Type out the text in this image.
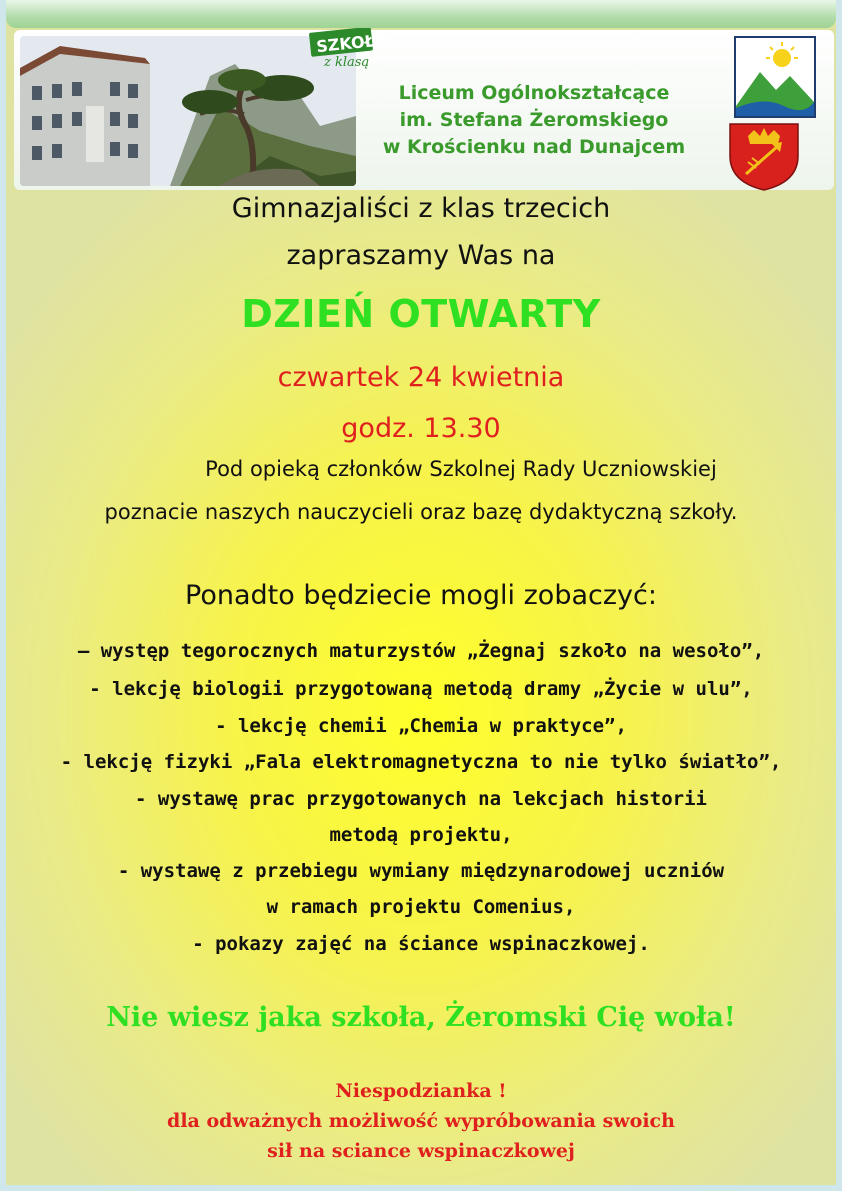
SZKOŁA
z klasą
Liceum Ogólnokształcące
im. Stefana Żeromskiego
w Krościenku nad Dunajcem
Gimnazjaliści z klas trzecich
zapraszamy Was na
DZIEŃ OTWARTY
czwartek 24 kwietnia
godz. 13.30
Pod opieką członków Szkolnej Rady Uczniowskiej
poznacie naszych nauczycieli oraz bazę dydaktyczną szkoły.
Ponadto będziecie mogli zobaczyć:
– występ tegorocznych maturzystów „Żegnaj szkoło na wesoło”,
- lekcję biologii przygotowaną metodą dramy „Życie w ulu”,
- lekcję chemii „Chemia w praktyce”,
- lekcję fizyki „Fala elektromagnetyczna to nie tylko światło”,
- wystawę prac przygotowanych na lekcjach historii
metodą projektu,
- wystawę z przebiegu wymiany międzynarodowej uczniów
w ramach projektu Comenius,
- pokazy zajęć na ściance wspinaczkowej.
Nie wiesz jaka szkoła, Żeromski Cię woła!
Niespodzianka !
dla odważnych możliwość wypróbowania swoich
sił na sciance wspinaczkowej
